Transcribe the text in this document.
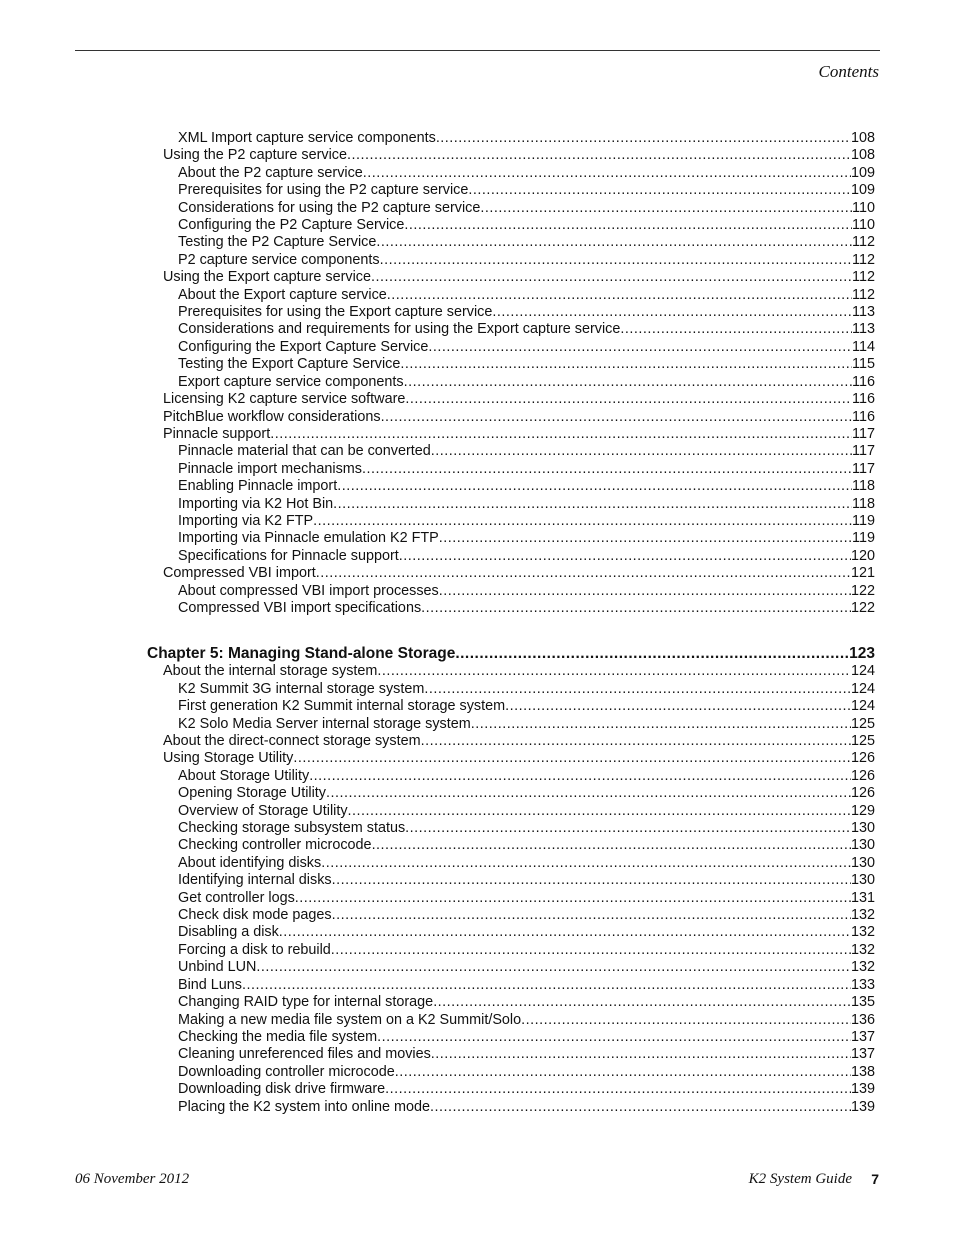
Contents
XML Import capture service components .....	108
Using the P2 capture service .....	108
About the P2 capture service .....	109
Prerequisites for using the P2 capture service .....	109
Considerations for using the P2 capture service .....	110
Configuring the P2 Capture Service .....	110
Testing the P2 Capture Service .....	112
P2 capture service components .....	112
Using the Export capture service .....	112
About the Export capture service .....	112
Prerequisites for using the Export capture service .....	113
Considerations and requirements for using the Export capture service .....	113
Configuring the Export Capture Service .....	114
Testing the Export Capture Service .....	115
Export capture service components .....	116
Licensing K2 capture service software .....	116
PitchBlue workflow considerations .....	116
Pinnacle support .....	117
Pinnacle material that can be converted .....	117
Pinnacle import mechanisms .....	117
Enabling Pinnacle import .....	118
Importing via K2 Hot Bin .....	118
Importing via K2 FTP .....	119
Importing via Pinnacle emulation K2 FTP .....	119
Specifications for Pinnacle support .....	120
Compressed VBI import .....	121
About compressed VBI import processes .....	122
Compressed VBI import specifications .....	122
Chapter 5: Managing Stand-alone Storage .....	123
About the internal storage system .....	124
K2 Summit 3G internal storage system .....	124
First generation K2 Summit internal storage system .....	124
K2 Solo Media Server internal storage system .....	125
About the direct-connect storage system .....	125
Using Storage Utility .....	126
About Storage Utility .....	126
Opening Storage Utility .....	126
Overview of Storage Utility .....	129
Checking storage subsystem status .....	130
Checking controller microcode .....	130
About identifying disks .....	130
Identifying internal disks .....	130
Get controller logs .....	131
Check disk mode pages .....	132
Disabling a disk .....	132
Forcing a disk to rebuild .....	132
Unbind LUN .....	132
Bind Luns .....	133
Changing RAID type for internal storage .....	135
Making a new media file system on a K2 Summit/Solo .....	136
Checking the media file system .....	137
Cleaning unreferenced files and movies .....	137
Downloading controller microcode .....	138
Downloading disk drive firmware .....	139
Placing the K2 system into online mode .....	139
06 November 2012	K2 System Guide 7
